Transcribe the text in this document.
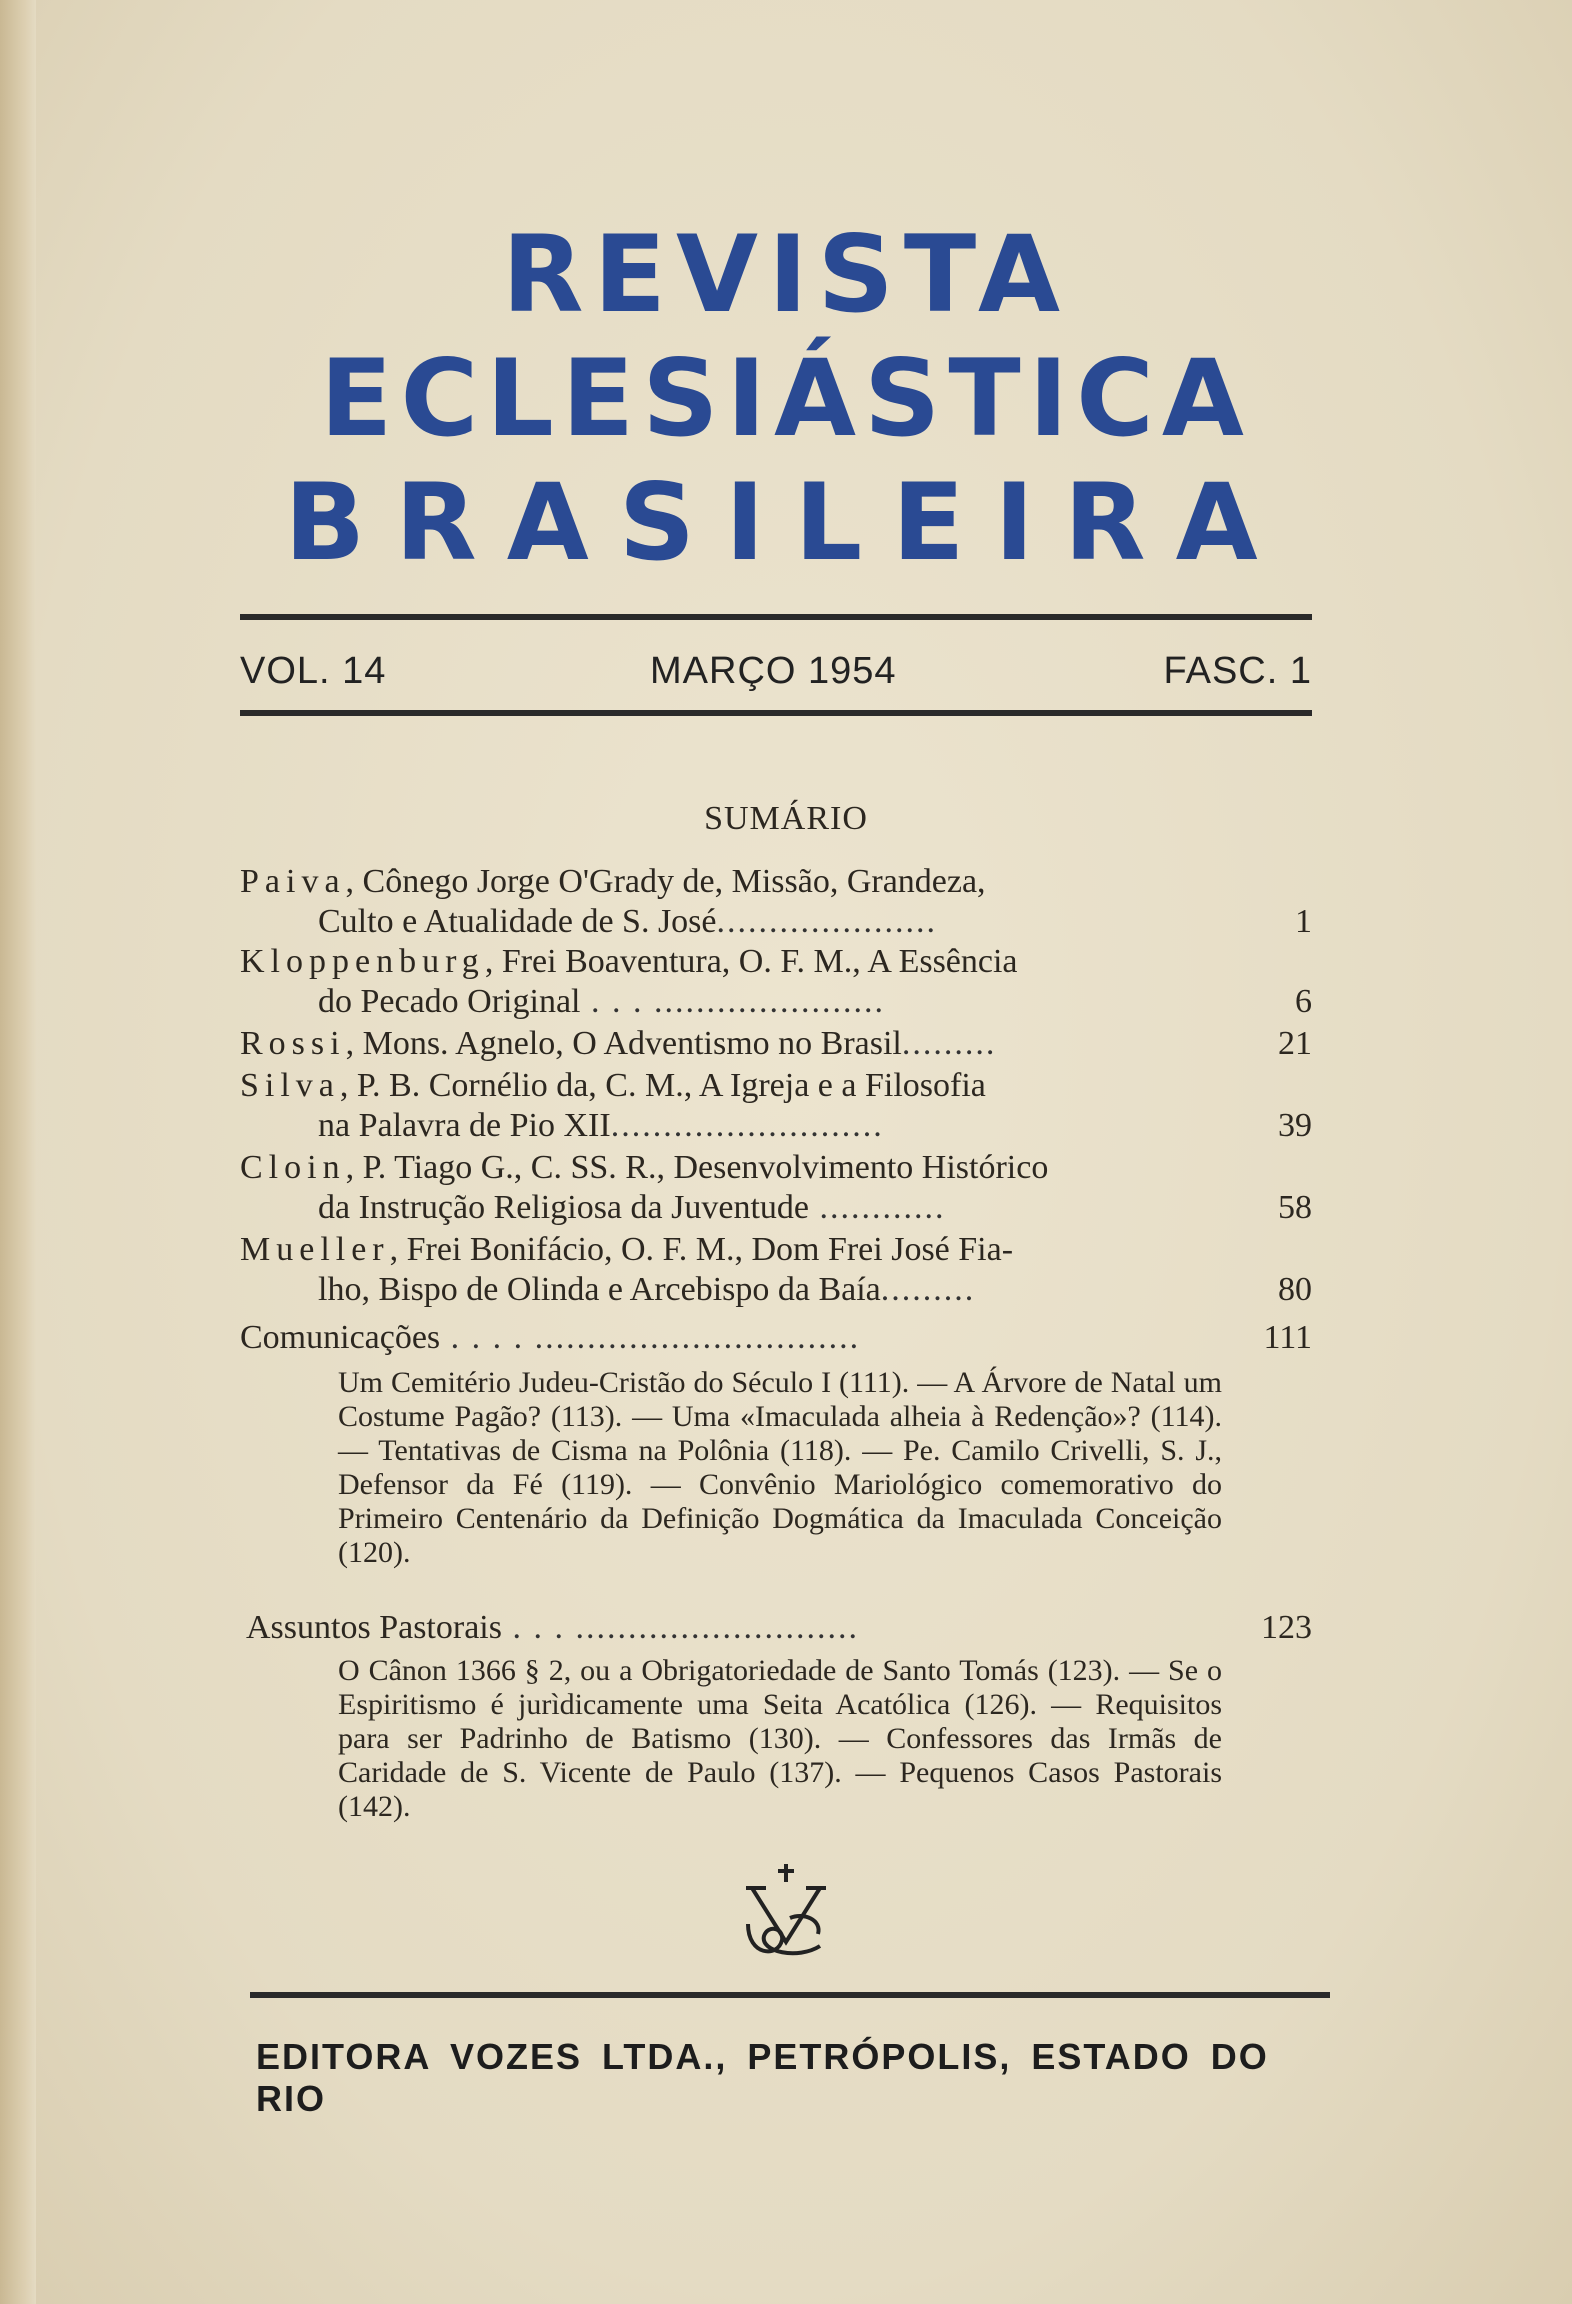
REVISTA
ECLESIÁSTICA
BRASILEIRA
VOL. 14	MARÇO 1954	FASC. 1
SUMÁRIO
Paiva, Cônego Jorge O'Grady de, Missão, Grandeza,
Culto e Atualidade de S. José.....................	1
Kloppenburg, Frei Boaventura, O. F. M., A Essência
do Pecado Original . . . ......................	6
Rossi, Mons. Agnelo, O Adventismo no Brasil.........	21
Silva, P. B. Cornélio da, C. M., A Igreja e a Filosofia
na Palavra de Pio XII..........................	39
Cloin, P. Tiago G., C. SS. R., Desenvolvimento Histórico
da Instrução Religiosa da Juventude ............	58
Mueller, Frei Bonifácio, O. F. M., Dom Frei José Fia-
lho, Bispo de Olinda e Arcebispo da Baía.........	80
Comunicações . . . . ...............................	111
Um Cemitério Judeu-Cristão do Século I (111). — A Árvore de Natal um Costume Pagão? (113). — Uma «Imaculada alheia à Redenção»? (114). — Tentativas de Cisma na Polônia (118). — Pe. Camilo Crivelli, S. J., Defensor da Fé (119). — Convênio Mariológico comemorativo do Primeiro Centenário da Definição Dogmática da Imaculada Conceição (120).
Assuntos Pastorais . . . ...........................	123
O Cânon 1366 § 2, ou a Obrigatoriedade de Santo Tomás (123). — Se o Espiritismo é jurìdicamente uma Seita Acatólica (126). — Requisitos para ser Padrinho de Batismo (130). — Confessores das Irmãs de Caridade de S. Vicente de Paulo (137). — Pequenos Casos Pastorais (142).
EDITORA VOZES LTDA., PETRÓPOLIS, ESTADO DO RIO
